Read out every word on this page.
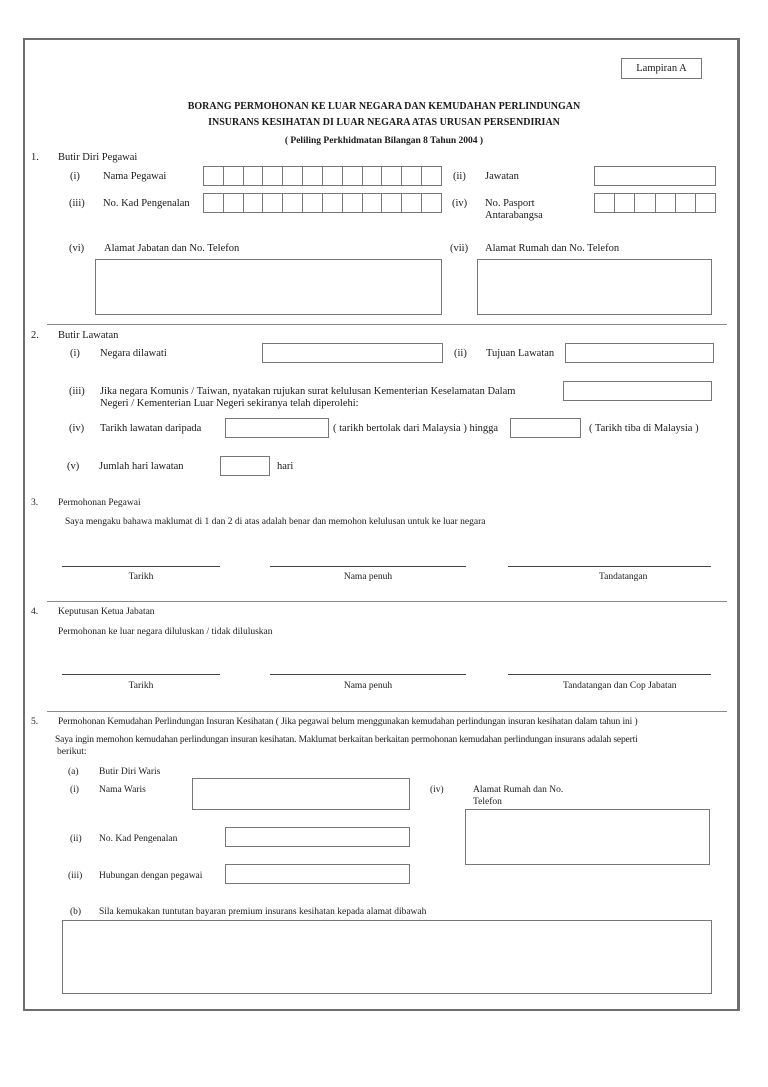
Lampiran A
BORANG PERMOHONAN KE LUAR NEGARA DAN KEMUDAHAN PERLINDUNGAN
INSURANS KESIHATAN DI LUAR NEGARA ATAS URUSAN PERSENDIRIAN
( Peliling Perkhidmatan Bilangan 8 Tahun 2004 )
1. Butir Diri Pegawai
(i) Nama Pegawai	(ii) Jawatan
(iii) No. Kad Pengenalan	(iv) No. Pasport
Antarabangsa
(vi) Alamat Jabatan dan No. Telefon	(vii) Alamat Rumah dan No. Telefon
2. Butir Lawatan
(i) Negara dilawati	(ii) Tujuan Lawatan
(iii) Jika negara Komunis / Taiwan, nyatakan rujukan surat kelulusan Kementerian Keselamatan Dalam
Negeri / Kementerian Luar Negeri sekiranya telah diperolehi:
(iv) Tarikh lawatan daripada	( tarikh bertolak dari Malaysia ) hingga	( Tarikh tiba di Malaysia )
(v) Jumlah hari lawatan	hari
3. Permohonan Pegawai
Saya mengaku bahawa maklumat di 1 dan 2 di atas adalah benar dan memohon kelulusan untuk ke luar negara
Tarikh	Nama penuh	Tandatangan
4. Keputusan Ketua Jabatan
Permohonan ke luar negara diluluskan / tidak diluluskan
Tarikh	Nama penuh	Tandatangan dan Cop Jabatan
5. Permohonan Kemudahan Perlindungan Insuran Kesihatan ( Jika pegawai belum menggunakan kemudahan perlindungan insuran kesihatan dalam tahun ini )
Saya ingin memohon kemudahan perlindungan insuran kesihatan. Maklumat berkaitan berkaitan permohonan kemudahan perlindungan insurans adalah seperti
berikut:
(a) Butir Diri Waris
(i) Nama Waris	(iv)	Alamat Rumah dan No.
Telefon
(ii) No. Kad Pengenalan
(iii) Hubungan dengan pegawai
(b) Sila kemukakan tuntutan bayaran premium insurans kesihatan kepada alamat dibawah
